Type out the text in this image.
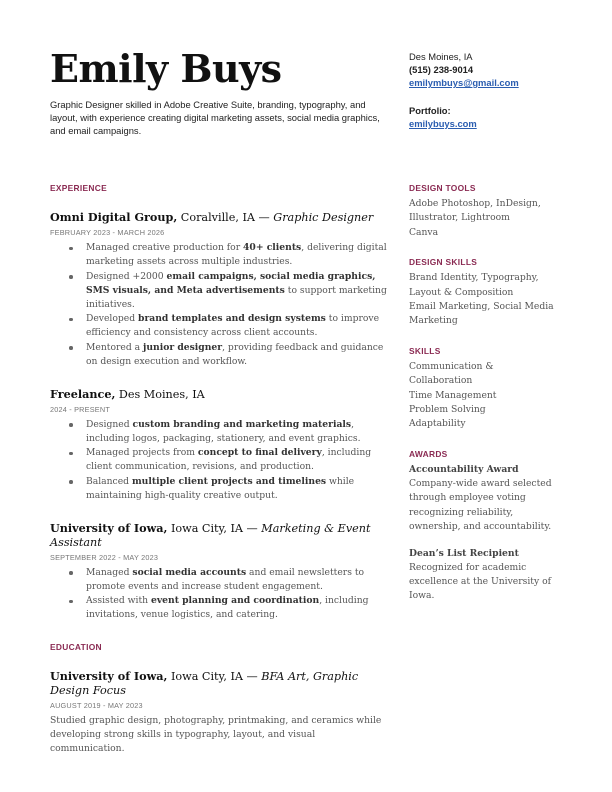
Emily Buys

Graphic Designer skilled in Adobe Creative Suite, branding, typography, and layout, with experience creating digital marketing assets, social media graphics, and email campaigns.

Des Moines, IA
(515) 238-9014
emilymbuys@gmail.com
Portfolio:
emilybuys.com
EXPERIENCE

Omni Digital Group, Coralville, IA — Graphic Designer

FEBRUARY 2023 - MARCH 2026
Managed creative production for 40+ clients, delivering digital marketing assets across multiple industries.
Designed +2000 email campaigns, social media graphics, SMS visuals, and Meta advertisements to support marketing initiatives.
Developed brand templates and design systems to improve efficiency and consistency across client accounts.
Mentored a junior designer, providing feedback and guidance on design execution and workflow.

Freelance, Des Moines, IA

2024 - PRESENT
Designed custom branding and marketing materials, including logos, packaging, stationery, and event graphics.
Managed projects from concept to final delivery, including client communication, revisions, and production.
Balanced multiple client projects and timelines while maintaining high-quality creative output.

University of Iowa, Iowa City, IA — Marketing & Event Assistant

SEPTEMBER 2022 - MAY 2023
Managed social media accounts and email newsletters to promote events and increase student engagement.
Assisted with event planning and coordination, including invitations, venue logistics, and catering.
EDUCATION

University of Iowa, Iowa City, IA — BFA Art, Graphic Design Focus

AUGUST 2019 - MAY 2023

Studied graphic design, photography, printmaking, and ceramics while developing strong skills in typography, layout, and visual communication.

DESIGN TOOLS

Adobe Photoshop, InDesign,

Illustrator, Lightroom

Canva

DESIGN SKILLS

Brand Identity, Typography,

Layout & Composition

Email Marketing, Social Media

Marketing

SKILLS

Communication &

Collaboration

Time Management

Problem Solving

Adaptability

AWARDS

Accountability Award

Company-wide award selected through employee voting recognizing reliability, ownership, and accountability.

Dean’s List Recipient

Recognized for academic excellence at the University of Iowa.
